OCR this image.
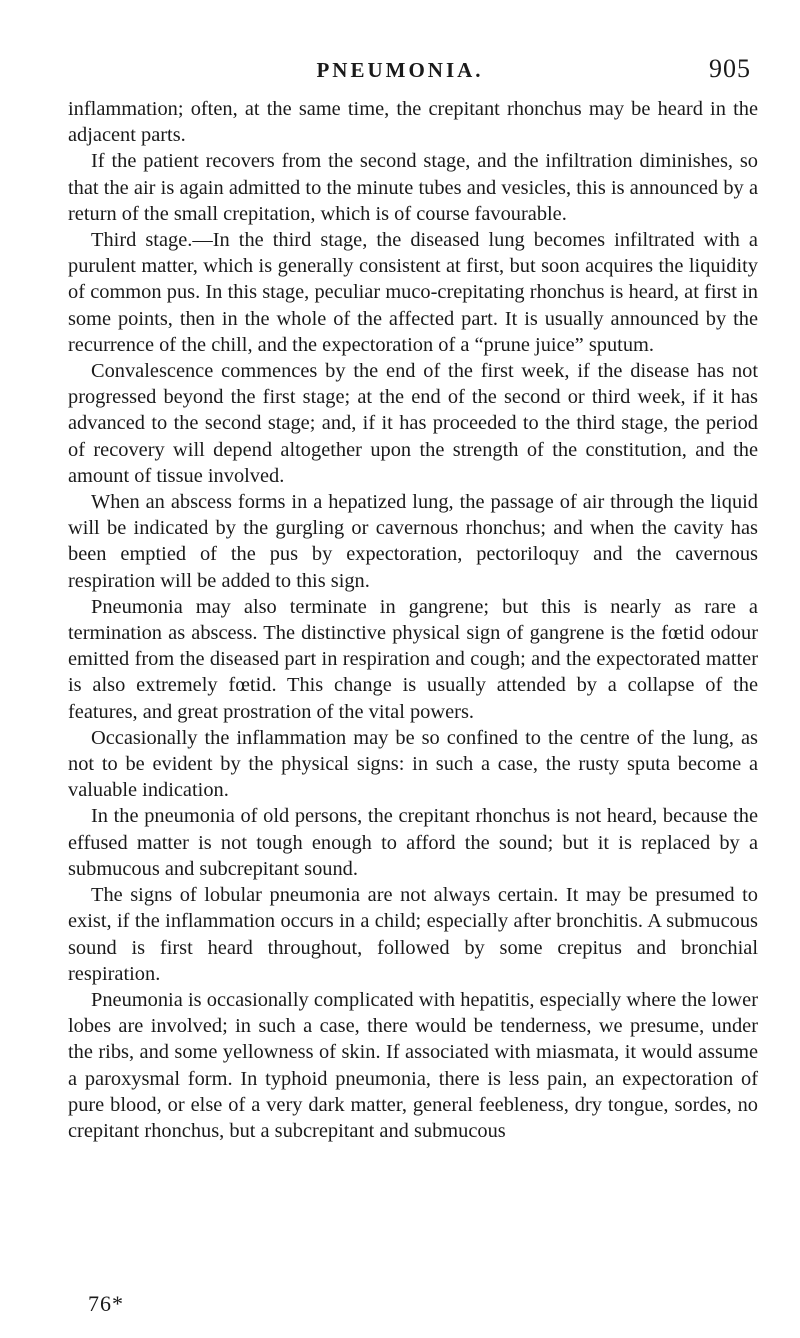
PNEUMONIA.	905

inflammation; often, at the same time, the crepitant rhonchus may be heard in the adjacent parts.

If the patient recovers from the second stage, and the infiltration diminishes, so that the air is again admitted to the minute tubes and vesicles, this is announced by a return of the small crepitation, which is of course favourable.

Third stage.—In the third stage, the diseased lung becomes infiltrated with a purulent matter, which is generally consistent at first, but soon acquires the liquidity of common pus. In this stage, peculiar muco-crepitating rhonchus is heard, at first in some points, then in the whole of the affected part. It is usually announced by the recurrence of the chill, and the expectoration of a “prune juice” sputum.

Convalescence commences by the end of the first week, if the disease has not progressed beyond the first stage; at the end of the second or third week, if it has advanced to the second stage; and, if it has proceeded to the third stage, the period of recovery will depend altogether upon the strength of the constitution, and the amount of tissue involved.

When an abscess forms in a hepatized lung, the passage of air through the liquid will be indicated by the gurgling or cavernous rhonchus; and when the cavity has been emptied of the pus by expectoration, pectoriloquy and the cavernous respiration will be added to this sign.

Pneumonia may also terminate in gangrene; but this is nearly as rare a termination as abscess. The distinctive physical sign of gangrene is the fœtid odour emitted from the diseased part in respiration and cough; and the expectorated matter is also extremely fœtid. This change is usually attended by a collapse of the features, and great prostration of the vital powers.

Occasionally the inflammation may be so confined to the centre of the lung, as not to be evident by the physical signs: in such a case, the rusty sputa become a valuable indication.

In the pneumonia of old persons, the crepitant rhonchus is not heard, because the effused matter is not tough enough to afford the sound; but it is replaced by a submucous and subcrepitant sound.

The signs of lobular pneumonia are not always certain. It may be presumed to exist, if the inflammation occurs in a child; especially after bronchitis. A submucous sound is first heard throughout, followed by some crepitus and bronchial respiration.

Pneumonia is occasionally complicated with hepatitis, especially where the lower lobes are involved; in such a case, there would be tenderness, we presume, under the ribs, and some yellowness of skin. If associated with miasmata, it would assume a paroxysmal form. In typhoid pneumonia, there is less pain, an expectoration of pure blood, or else of a very dark matter, general feebleness, dry tongue, sordes, no crepitant rhonchus, but a subcrepitant and submucous

76*
